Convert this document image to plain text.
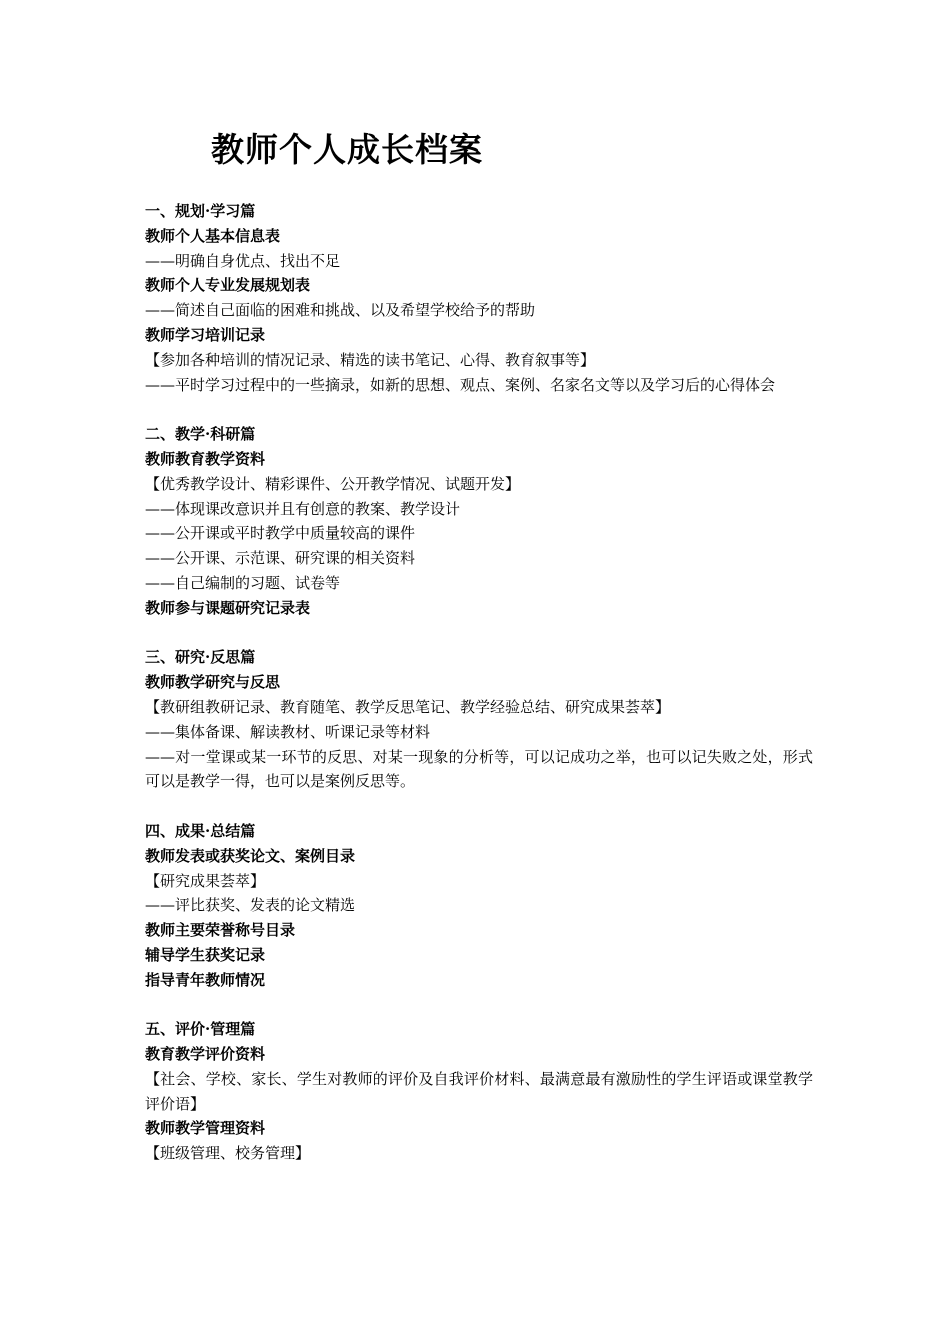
教师个人成长档案

一、规划·学习篇

教师个人基本信息表

——明确自身优点、找出不足

教师个人专业发展规划表

——简述自己面临的困难和挑战、以及希望学校给予的帮助

教师学习培训记录

【参加各种培训的情况记录、精选的读书笔记、心得、教育叙事等】

——平时学习过程中的一些摘录，如新的思想、观点、案例、名家名文等以及学习后的心得体会

二、教学·科研篇

教师教育教学资料

【优秀教学设计、精彩课件、公开教学情况、试题开发】

——体现课改意识并且有创意的教案、教学设计

——公开课或平时教学中质量较高的课件

——公开课、示范课、研究课的相关资料

——自己编制的习题、试卷等

教师参与课题研究记录表

三、研究·反思篇

教师教学研究与反思

【教研组教研记录、教育随笔、教学反思笔记、教学经验总结、研究成果荟萃】

——集体备课、解读教材、听课记录等材料

——对一堂课或某一环节的反思、对某一现象的分析等，可以记成功之举，也可以记失败之处，形式可以是教学一得，也可以是案例反思等。

四、成果·总结篇

教师发表或获奖论文、案例目录

【研究成果荟萃】

——评比获奖、发表的论文精选

教师主要荣誉称号目录

辅导学生获奖记录

指导青年教师情况

五、评价·管理篇

教育教学评价资料

【社会、学校、家长、学生对教师的评价及自我评价材料、最满意最有激励性的学生评语或课堂教学评价语】

教师教学管理资料

【班级管理、校务管理】
